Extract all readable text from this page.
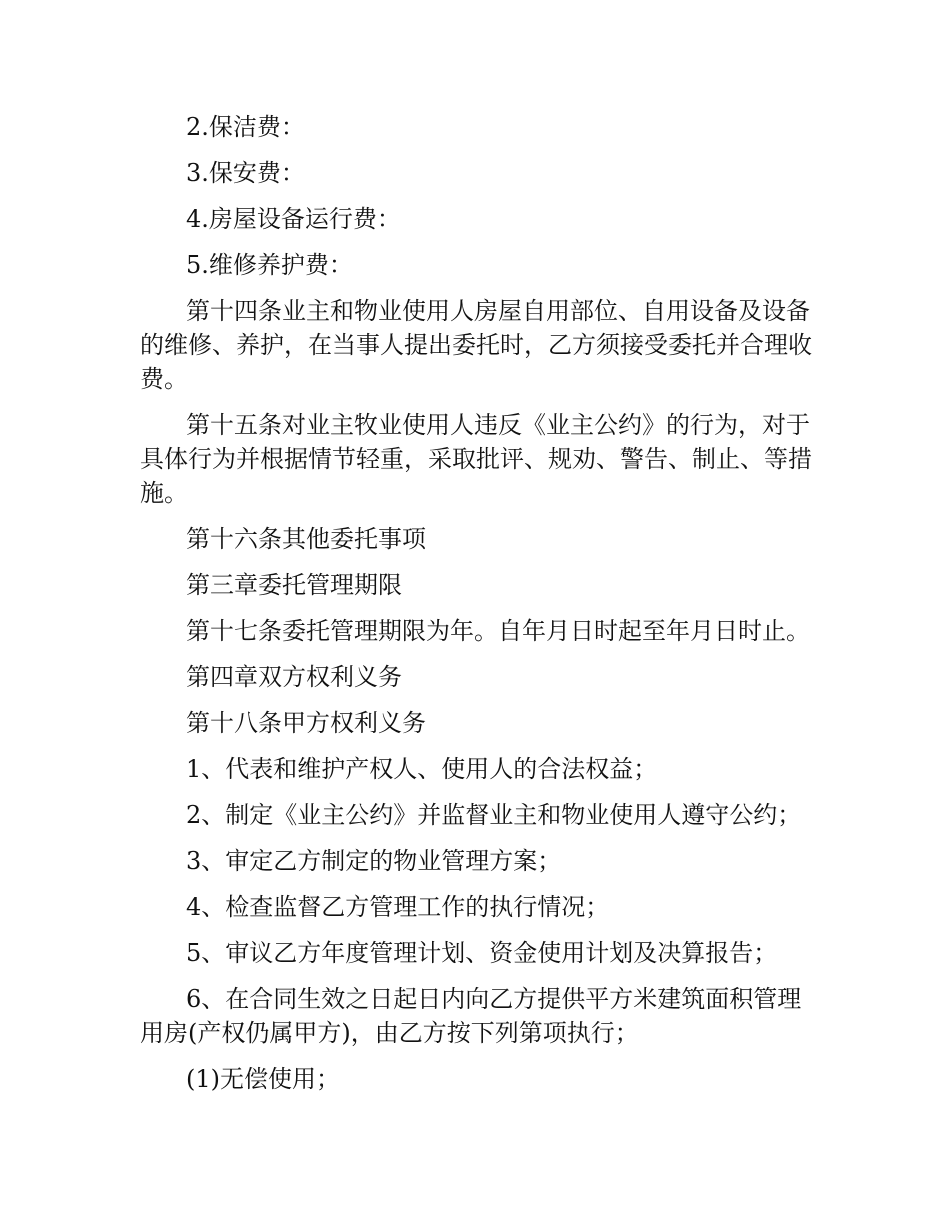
2.保洁费：

3.保安费：

4.房屋设备运行费：

5.维修养护费：

第十四条业主和物业使用人房屋自用部位、自用设备及设备的维修、养护，在当事人提出委托时，乙方须接受委托并合理收费。

第十五条对业主牧业使用人违反《业主公约》的行为，对于具体行为并根据情节轻重，采取批评、规劝、警告、制止、等措施。

第十六条其他委托事项

第三章委托管理期限

第十七条委托管理期限为年。自年月日时起至年月日时止。

第四章双方权利义务

第十八条甲方权利义务

1、代表和维护产权人、使用人的合法权益；

2、制定《业主公约》并监督业主和物业使用人遵守公约；

3、审定乙方制定的物业管理方案；

4、检查监督乙方管理工作的执行情况；

5、审议乙方年度管理计划、资金使用计划及决算报告；

6、在合同生效之日起日内向乙方提供平方米建筑面积管理用房(产权仍属甲方)，由乙方按下列第项执行；

(1)无偿使用；
